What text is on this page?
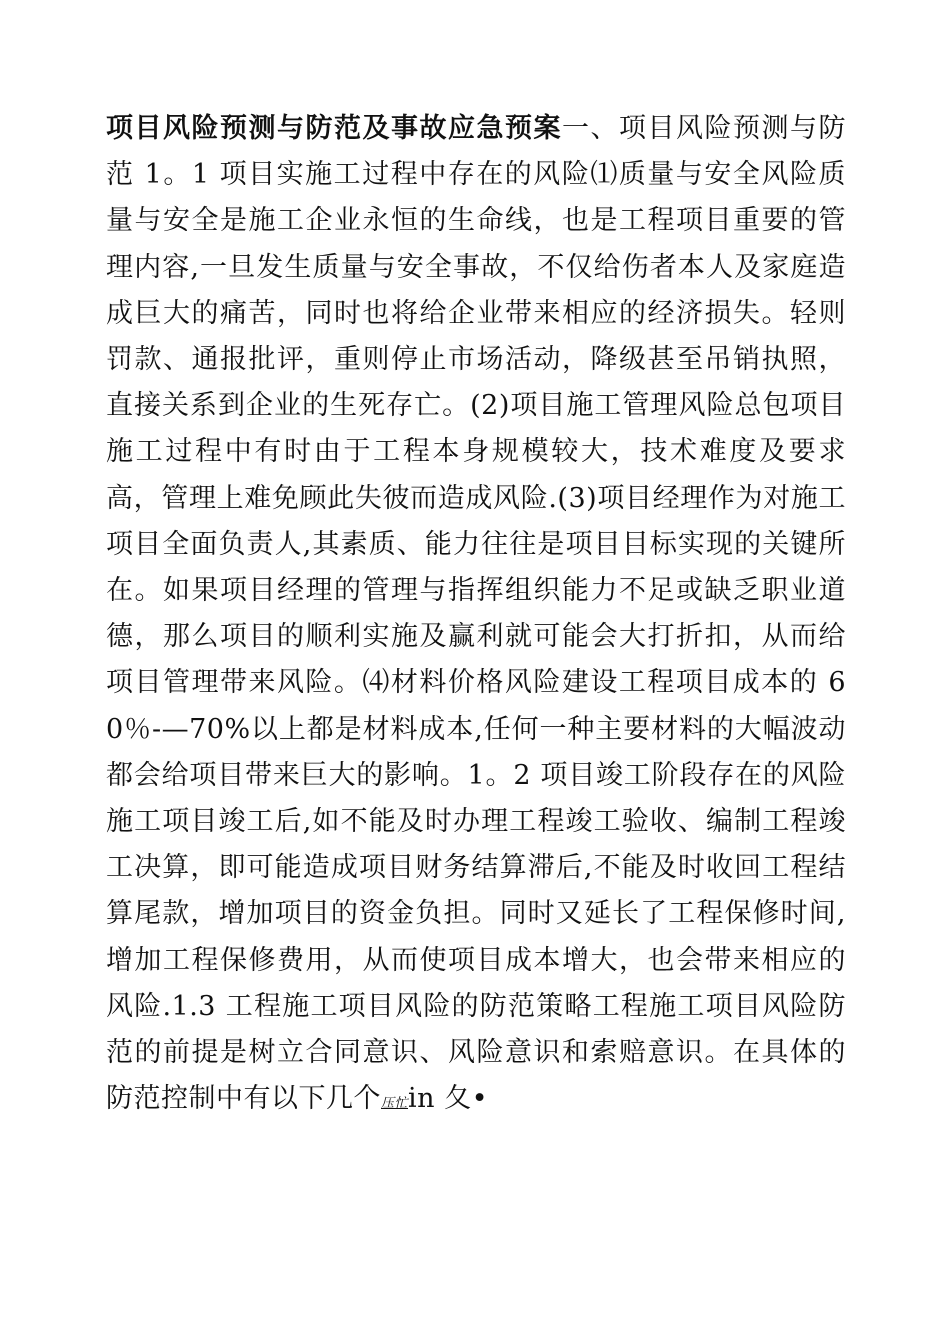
项目风险预测与防范及事故应急预案一、项目风险预测与防范 1。1 项目实施工过程中存在的风险⑴质量与安全风险质量与安全是施工企业永恒的生命线，也是工程项目重要的管理内容,一旦发生质量与安全事故，不仅给伤者本人及家庭造成巨大的痛苦，同时也将给企业带来相应的经济损失。轻则罚款、通报批评，重则停止市场活动，降级甚至吊销执照，直接关系到企业的生死存亡。(2)项目施工管理风险总包项目施工过程中有时由于工程本身规模较大，技术难度及要求高，管理上难免顾此失彼而造成风险.(3)项目经理作为对施工项目全面负责人,其素质、能力往往是项目目标实现的关键所在。如果项目经理的管理与指挥组织能力不足或缺乏职业道德，那么项目的顺利实施及赢利就可能会大打折扣，从而给项目管理带来风险。⑷材料价格风险建设工程项目成本的 60％-—70%以上都是材料成本,任何一种主要材料的大幅波动都会给项目带来巨大的影响。1。2 项目竣工阶段存在的风险施工项目竣工后,如不能及时办理工程竣工验收、编制工程竣工决算，即可能造成项目财务结算滞后,不能及时收回工程结算尾款，增加项目的资金负担。同时又延长了工程保修时间,增加工程保修费用，从而使项目成本增大，也会带来相应的风险.1.3 工程施工项目风险的防范策略工程施工项目风险防范的前提是树立合同意识、风险意识和索赔意识。在具体的防范控制中有以下几个压忙in 夂•
